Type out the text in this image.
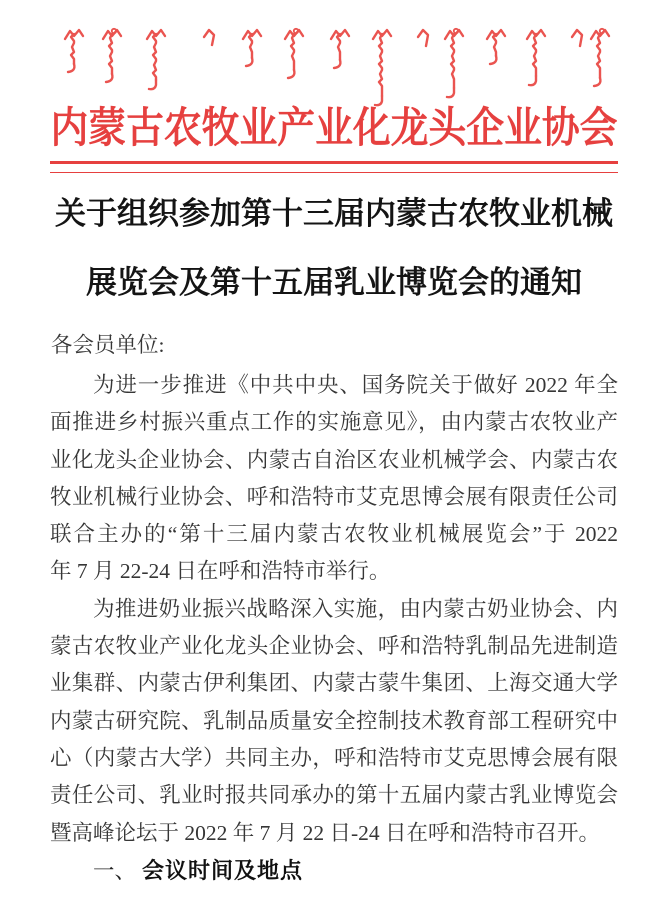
内蒙古农牧业产业化龙头企业协会
关于组织参加第十三届内蒙古农牧业机械
展览会及第十五届乳业博览会的通知
各会员单位:
为进一步推进《中共中央、国务院关于做好 2022 年全
面推进乡村振兴重点工作的实施意见》，由内蒙古农牧业产
业化龙头企业协会、内蒙古自治区农业机械学会、内蒙古农
牧业机械行业协会、呼和浩特市艾克思博会展有限责任公司
联合主办的“第十三届内蒙古农牧业机械展览会”于 2022
年 7 月 22-24 日在呼和浩特市举行。
为推进奶业振兴战略深入实施，由内蒙古奶业协会、内
蒙古农牧业产业化龙头企业协会、呼和浩特乳制品先进制造
业集群、内蒙古伊利集团、内蒙古蒙牛集团、上海交通大学
内蒙古研究院、乳制品质量安全控制技术教育部工程研究中
心（内蒙古大学）共同主办，呼和浩特市艾克思博会展有限
责任公司、乳业时报共同承办的第十五届内蒙古乳业博览会
暨高峰论坛于 2022 年 7 月 22 日-24 日在呼和浩特市召开。
一、 会议时间及地点
